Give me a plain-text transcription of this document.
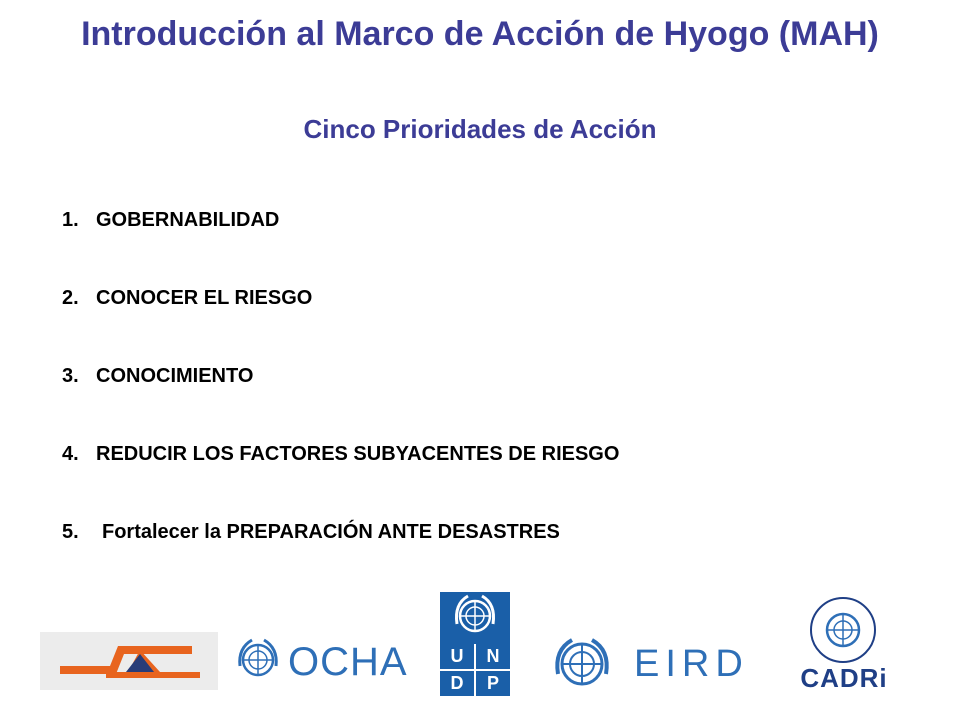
Introducción al Marco de Acción de Hyogo (MAH)
Cinco Prioridades de Acción
1. GOBERNABILIDAD
2. CONOCER EL RIESGO
3. CONOCIMIENTO
4. REDUCIR LOS FACTORES SUBYACENTES DE RIESGO
5.	Fortalecer la PREPARACIÓN ANTE DESASTRES
OCHA	U	N
D	P	EIRD	CADRi
